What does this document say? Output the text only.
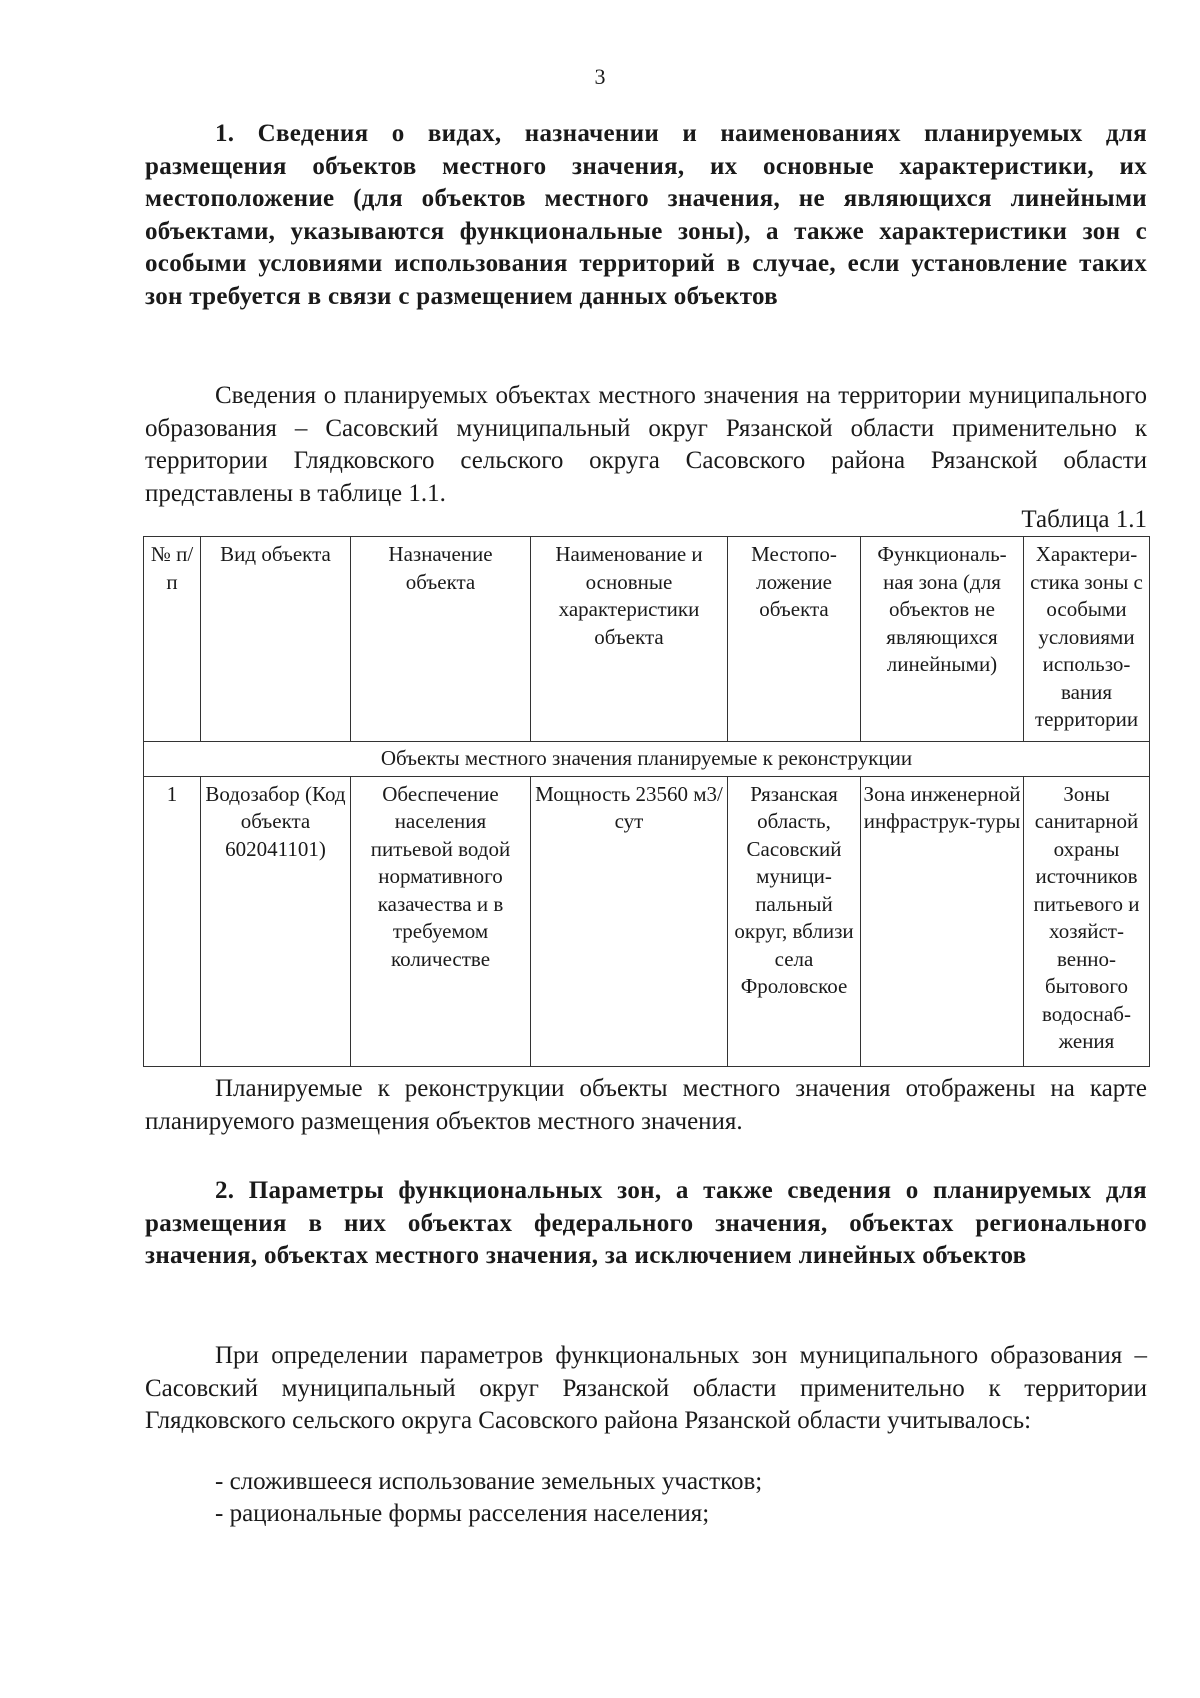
3
1. Сведения о видах, назначении и наименованиях планируемых для размещения объектов местного значения, их основные характеристики, их местоположение (для объектов местного значения, не являющихся линейными объектами, указываются функциональные зоны), а также характеристики зон с особыми условиями использования территорий в случае, если установление таких зон требуется в связи с размещением данных объектов
Сведения о планируемых объектах местного значения на территории муниципального образования – Сасовский муниципальный округ Рязанской области применительно к территории Глядковского сельского округа Сасовского района Рязанской области представлены в таблице 1.1.
Таблица 1.1
№ п/п	Вид объекта	Назначение объекта	Наименование и основные характеристики объекта	Местопо-ложение объекта	Функциональ-ная зона (для объектов не являющихся линейными)	Характери-стика зоны с особыми условиями использо-вания территории
Объекты местного значения планируемые к реконструкции						
1	Водозабор (Код объекта 602041101)	Обеспечение населения питьевой водой нормативного казачества и в требуемом количестве	Мощность 23560 м3/сут	Рязанская область, Сасовский муници-пальный округ, вблизи села Фроловское	Зона инженерной инфраструк-туры	Зоны санитарной охраны источников питьевого и хозяйст-венно-бытового водоснаб-жения
Планируемые к реконструкции объекты местного значения отображены на карте планируемого размещения объектов местного значения.
2. Параметры функциональных зон, а также сведения о планируемых для размещения в них объектах федерального значения, объектах регионального значения, объектах местного значения, за исключением линейных объектов
При определении параметров функциональных зон муниципального образования – Сасовский муниципальный округ Рязанской области применительно к территории Глядковского сельского округа Сасовского района Рязанской области учитывалось:
- сложившееся использование земельных участков;
- рациональные формы расселения населения;
